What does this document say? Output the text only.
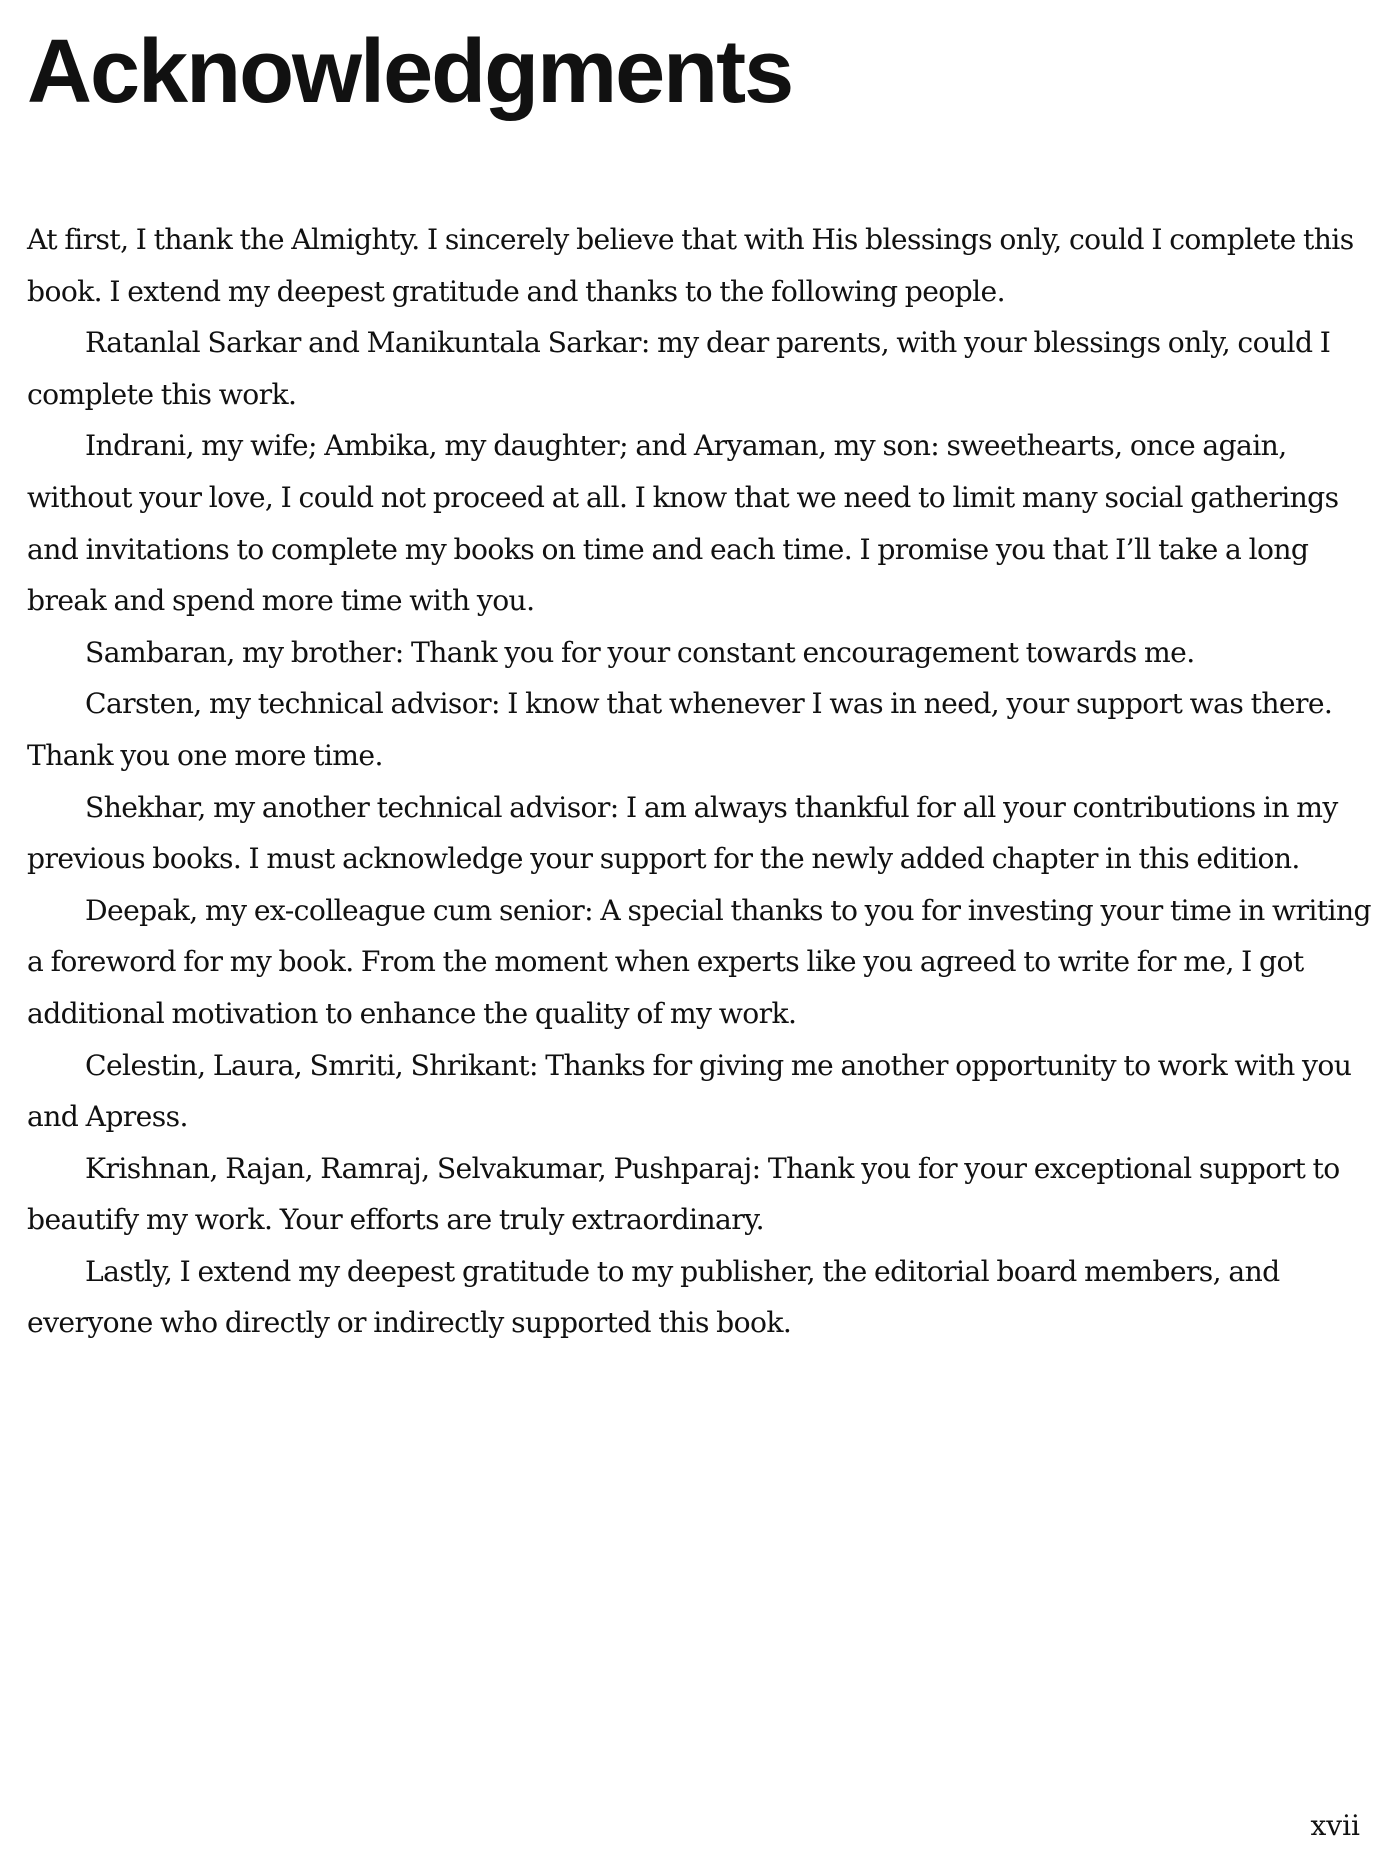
Acknowledgments

At first, I thank the Almighty. I sincerely believe that with His blessings only, could I complete this book. I extend my deepest gratitude and thanks to the following people.

Ratanlal Sarkar and Manikuntala Sarkar: my dear parents, with your blessings only, could I complete this work.

Indrani, my wife; Ambika, my daughter; and Aryaman, my son: sweethearts, once again, without your love, I could not proceed at all. I know that we need to limit many social gatherings and invitations to complete my books on time and each time. I promise you that I’ll take a long break and spend more time with you.

Sambaran, my brother: Thank you for your constant encouragement towards me.

Carsten, my technical advisor: I know that whenever I was in need, your support was there. Thank you one more time.

Shekhar, my another technical advisor: I am always thankful for all your contributions in my previous books. I must acknowledge your support for the newly added chapter in this edition.

Deepak, my ex-colleague cum senior: A special thanks to you for investing your time in writing a foreword for my book. From the moment when experts like you agreed to write for me, I got additional motivation to enhance the quality of my work.

Celestin, Laura, Smriti, Shrikant: Thanks for giving me another opportunity to work with you and Apress.

Krishnan, Rajan, Ramraj, Selvakumar, Pushparaj: Thank you for your exceptional support to beautify my work. Your efforts are truly extraordinary.

Lastly, I extend my deepest gratitude to my publisher, the editorial board members, and everyone who directly or indirectly supported this book.

xvii
